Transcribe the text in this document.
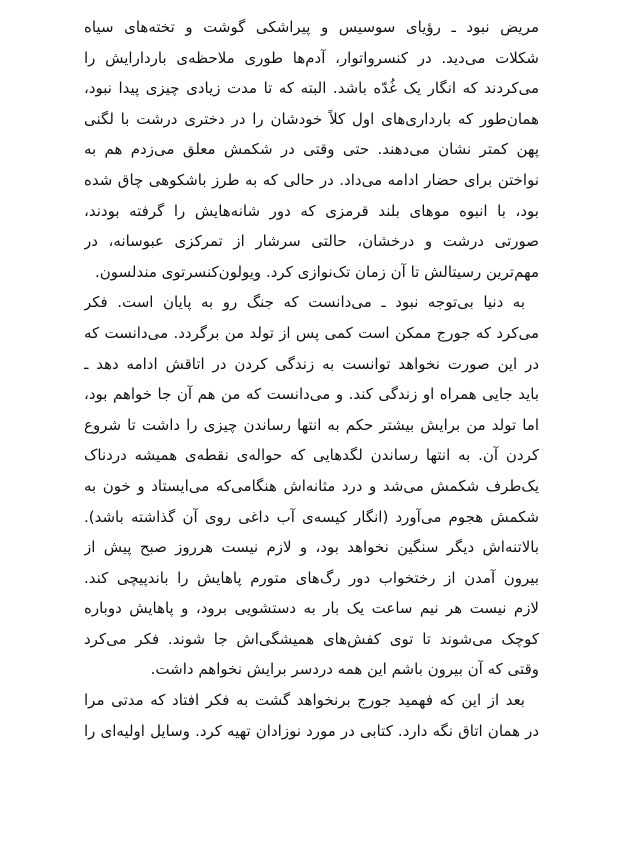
مریض نبود ـ رؤیای سوسیس و پیراشکی گوشت و تخته‌های سیاه
شکلات می‌دید. در کنسرواتوار، آدم‌ها طوری ملاحظه‌ی باردارایش را
می‌کردند که انگار یک غُدّه باشد. البته که تا مدت زیادی چیزی پیدا نبود،
همان‌طور که بارداری‌های اول کلاً خودشان را در دختری درشت با لگنی
پهن کمتر نشان می‌دهند. حتی وقتی در شکمش معلق می‌زدم هم به
نواختن برای حضار ادامه می‌داد. در حالی که به طرز باشکوهی چاق شده
بود، با انبوه موهای بلند قرمزی که دور شانه‌هایش را گرفته بودند،
صورتی درشت و درخشان، حالتی سرشار از تمرکزی عبوسانه، در
مهم‌ترین رسیتالش تا آن زمان تک‌نوازی کرد. ویولون‌کنسرتوی مندلسون.
به دنیا بی‌توجه نبود ـ می‌دانست که جنگ رو به پایان است. فکر
می‌کرد که جورج ممکن است کمی پس از تولد من برگردد. می‌دانست که
در این صورت نخواهد توانست به زندگی کردن در اتاقش ادامه دهد ـ
باید جایی همراه او زندگی کند. و می‌دانست که من هم آن جا خواهم بود،
اما تولد من برایش بیشتر حکم به انتها رساندن چیزی را داشت تا شروع
کردن آن. به انتها رساندن لگدهایی که حواله‌ی نقطه‌ی همیشه دردناک
یک‌طرف شکمش می‌شد و درد مثانه‌اش هنگامی‌که می‌ایستاد و خون به
شکمش هجوم می‌آورد (انگار کیسه‌ی آب داغی روی آن گذاشته باشد).
بالاتنه‌اش دیگر سنگین نخواهد بود، و لازم نیست هرروز صبح پیش از
بیرون آمدن از رختخواب دور رگ‌های متورم پاهایش را باندپیچی کند.
لازم نیست هر نیم ساعت یک بار به دستشویی برود، و پاهایش دوباره
کوچک می‌شوند تا توی کفش‌های همیشگی‌اش جا شوند. فکر می‌کرد
وقتی که آن بیرون باشم این همه دردسر برایش نخواهم داشت.
بعد از این که فهمید جورج برنخواهد گشت به فکر افتاد که مدتی مرا
در همان اتاق نگه دارد. کتابی در مورد نوزادان تهیه کرد. وسایل اولیه‌ای را
